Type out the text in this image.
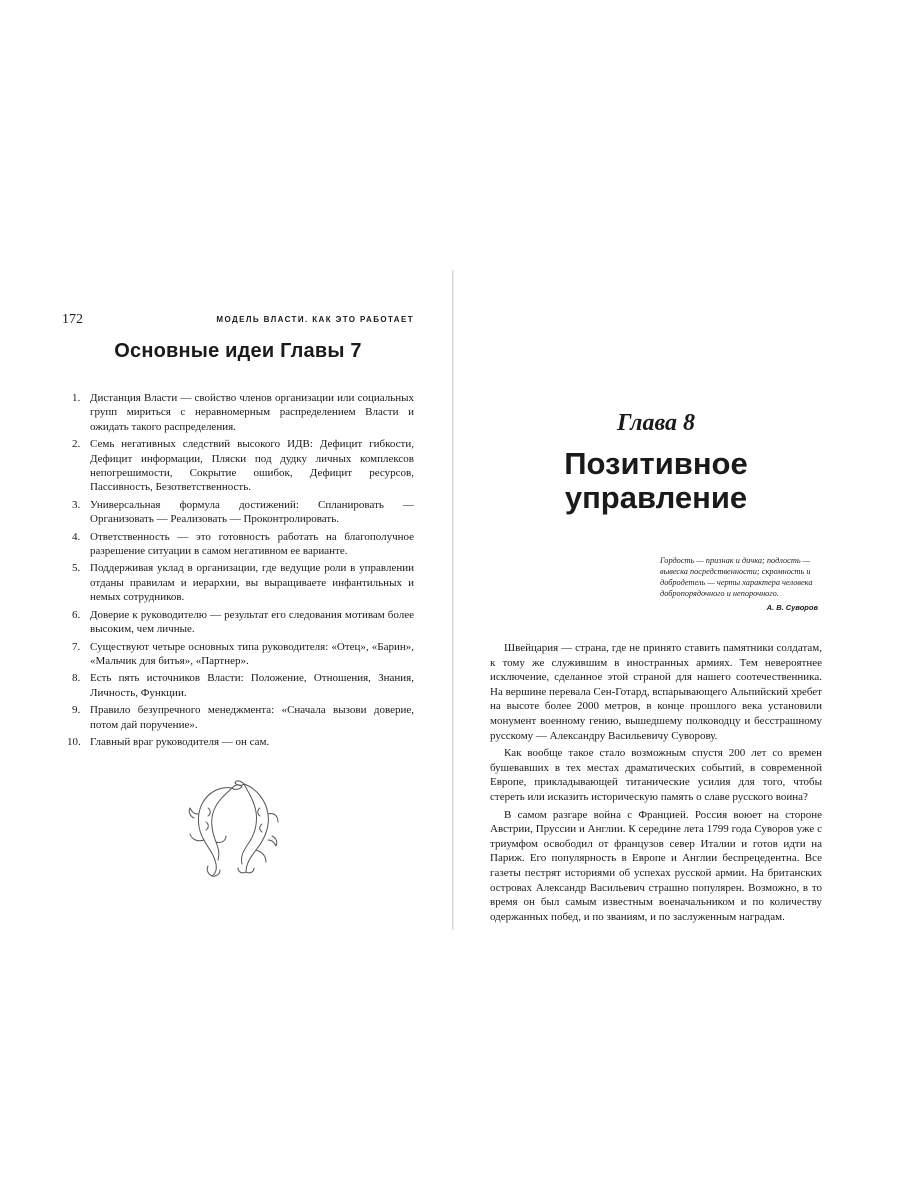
172	МОДЕЛЬ ВЛАСТИ. КАК ЭТО РАБОТАЕТ
Основные идеи Главы 7
1. Дистанция Власти — свойство членов организации или социальных групп мириться с неравномерным распределением Власти и ожидать такого распределения.
2. Семь негативных следствий высокого ИДВ: Дефицит гибкости, Дефицит информации, Пляски под дудку личных комплексов непогрешимости, Сокрытие ошибок, Дефицит ресурсов, Пассивность, Безответственность.
3. Универсальная формула достижений: Спланировать — Организовать — Реализовать — Проконтролировать.
4. Ответственность — это готовность работать на благополучное разрешение ситуации в самом негативном ее варианте.
5. Поддерживая уклад в организации, где ведущие роли в управлении отданы правилам и иерархии, вы выращиваете инфантильных и немых сотрудников.
6. Доверие к руководителю — результат его следования мотивам более высоким, чем личные.
7. Существуют четыре основных типа руководителя: «Отец», «Барин», «Мальчик для битья», «Партнер».
8. Есть пять источников Власти: Положение, Отношения, Знания, Личность, Функции.
9. Правило безупречного менеджмента: «Сначала вызови доверие, потом дай поручение».
10. Главный враг руководителя — он сам.
Глава 8
Позитивное
управление
Гордость — признак и дичка; подлость — вывеска посредственности; скромность и добродетель — черты характера человека добропорядочного и непорочного.
А. В. Суворов

Швейцария — страна, где не принято ставить памятники солдатам, к тому же служившим в иностранных армиях. Тем невероятнее исключение, сделанное этой страной для нашего соотечественника. На вершине перевала Сен-Готард, вспарывающего Альпийский хребет на высоте более 2000 метров, в конце прошлого века установили монумент военному гению, вышедшему полководцу и бесстрашному русскому — Александру Васильевичу Суворову.

Как вообще такое стало возможным спустя 200 лет со времен бушевавших в тех местах драматических событий, в современной Европе, прикладывающей титанические усилия для того, чтобы стереть или исказить историческую память о славе русского воина?

В самом разгаре война с Францией. Россия воюет на стороне Австрии, Пруссии и Англии. К середине лета 1799 года Суворов уже с триумфом освободил от французов север Италии и готов идти на Париж. Его популярность в Европе и Англии беспрецедентна. Все газеты пестрят историями об успехах русской армии. На британских островах Александр Васильевич страшно популярен. Возможно, в то время он был самым известным военачальником и по количеству одержанных побед, и по званиям, и по заслуженным наградам.
